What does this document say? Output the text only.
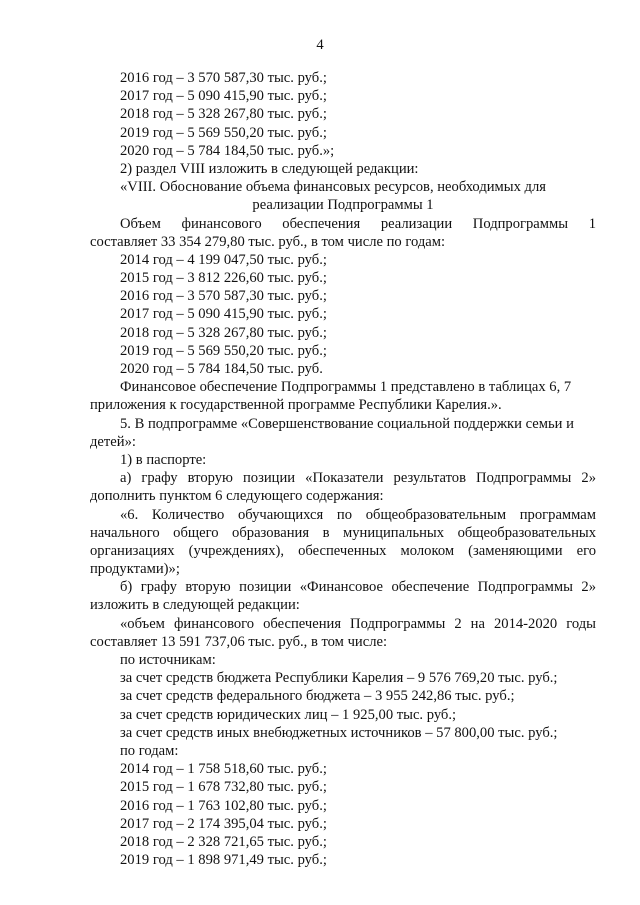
4
2016 год – 3 570 587,30 тыс. руб.;
2017 год – 5 090 415,90 тыс. руб.;
2018 год – 5 328 267,80 тыс. руб.;
2019 год – 5 569 550,20 тыс. руб.;
2020 год – 5 784 184,50 тыс. руб.»;
2) раздел VIII изложить в следующей редакции:
«VIII. Обоснование объема финансовых ресурсов, необходимых для
реализации Подпрограммы 1
Объем финансового обеспечения реализации Подпрограммы 1
составляет 33 354 279,80 тыс. руб., в том числе по годам:
2014 год – 4 199 047,50 тыс. руб.;
2015 год – 3 812 226,60 тыс. руб.;
2016 год – 3 570 587,30 тыс. руб.;
2017 год – 5 090 415,90 тыс. руб.;
2018 год – 5 328 267,80 тыс. руб.;
2019 год – 5 569 550,20 тыс. руб.;
2020 год – 5 784 184,50 тыс. руб.
Финансовое обеспечение Подпрограммы 1 представлено в таблицах 6, 7
приложения к государственной программе Республики Карелия.».
5. В подпрограмме «Совершенствование социальной поддержки семьи и
детей»:
1) в паспорте:
а) графу вторую позиции «Показатели результатов Подпрограммы 2»
дополнить пунктом 6 следующего содержания:
«6. Количество обучающихся по общеобразовательным программам
начального общего образования в муниципальных общеобразовательных
организациях (учреждениях), обеспеченных молоком (заменяющими его
продуктами)»;
б) графу вторую позиции «Финансовое обеспечение Подпрограммы 2»
изложить в следующей редакции:
«объем финансового обеспечения Подпрограммы 2 на 2014-2020 годы
составляет 13 591 737,06 тыс. руб., в том числе:
по источникам:
за счет средств бюджета Республики Карелия – 9 576 769,20 тыс. руб.;
за счет средств федерального бюджета – 3 955 242,86 тыс. руб.;
за счет средств юридических лиц – 1 925,00 тыс. руб.;
за счет средств иных внебюджетных источников – 57 800,00 тыс. руб.;
по годам:
2014 год – 1 758 518,60 тыс. руб.;
2015 год – 1 678 732,80 тыс. руб.;
2016 год – 1 763 102,80 тыс. руб.;
2017 год – 2 174 395,04 тыс. руб.;
2018 год – 2 328 721,65 тыс. руб.;
2019 год – 1 898 971,49 тыс. руб.;
